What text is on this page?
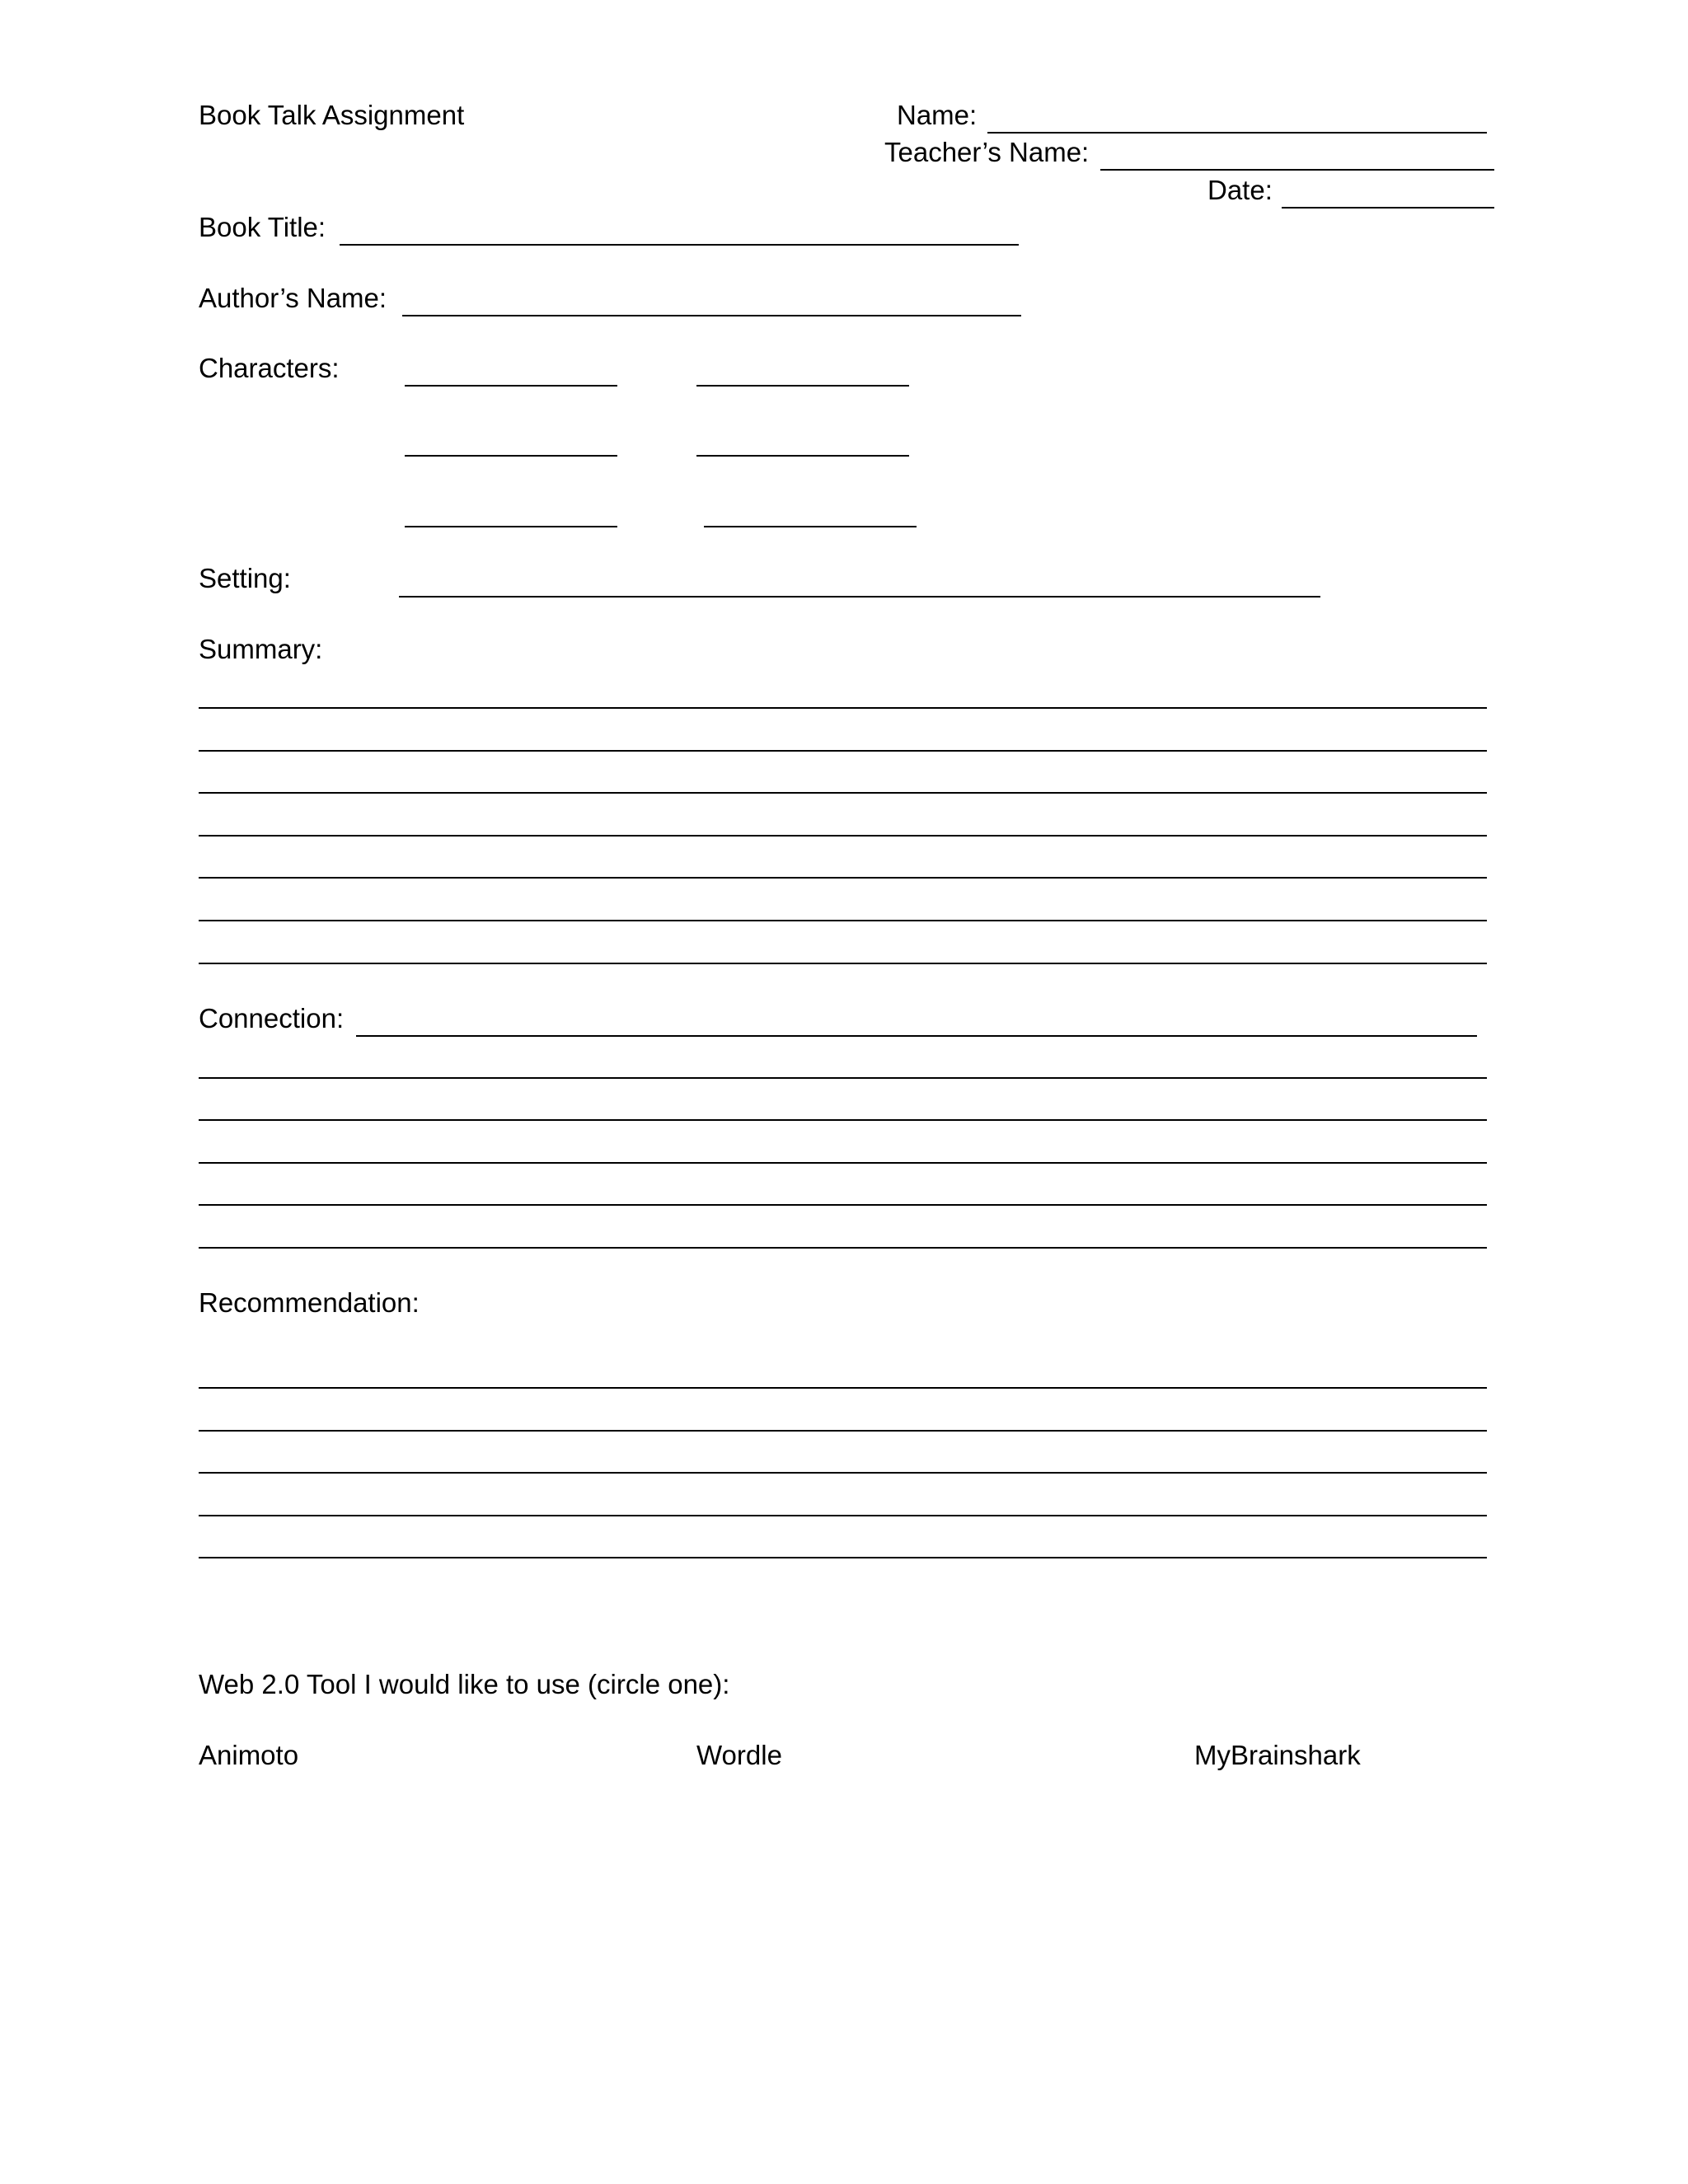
Book Talk Assignment	Name:
Teacher’s Name:
Date:
Book Title:
Author’s Name:
Characters:
Setting:
Summary:
Connection:
Recommendation:
Web 2.0 Tool I would like to use (circle one):
Animoto	Wordle	MyBrainshark
